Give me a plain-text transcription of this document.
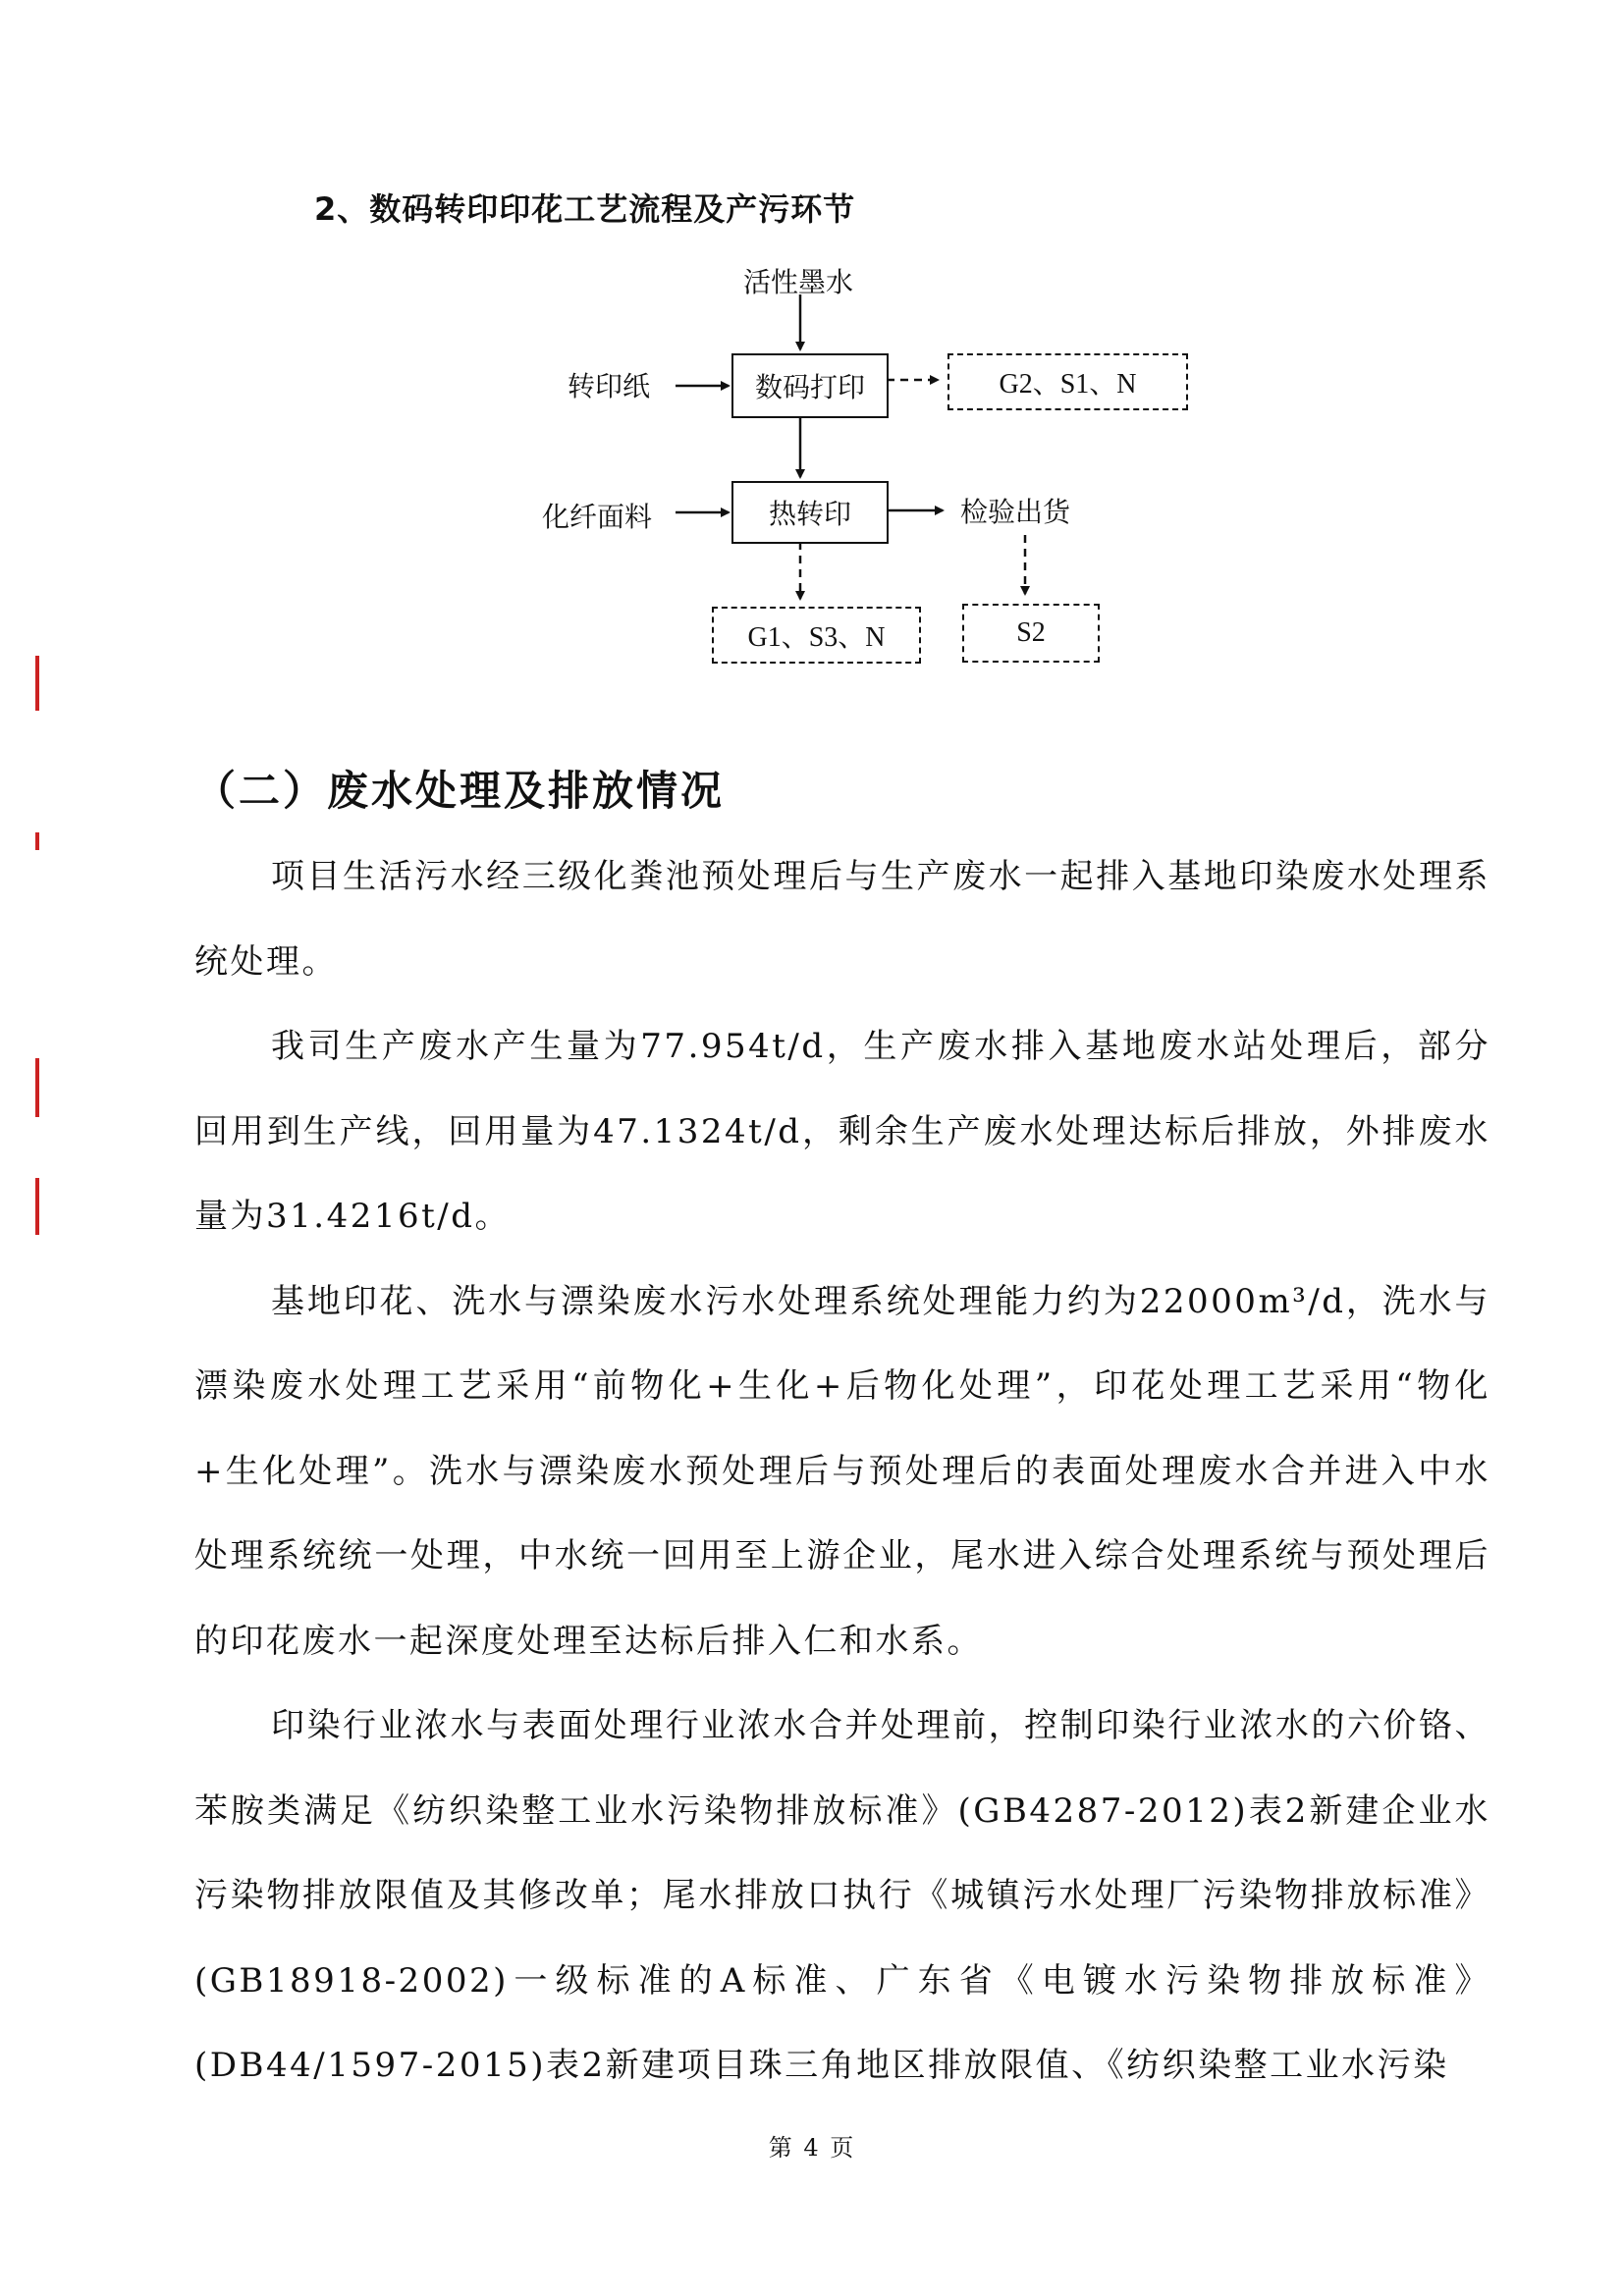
2、数码转印印花工艺流程及产污环节
活性墨水
转印纸	数码打印	G2、S1、N
化纤面料	热转印	检验出货
G1、S3、N	S2
（二）废水处理及排放情况

项目生活污水经三级化粪池预处理后与生产废水一起排入基地印染废水处理系统处理。

我司生产废水产生量为77.954t/d，生产废水排入基地废水站处理后，部分回用到生产线，回用量为47.1324t/d，剩余生产废水处理达标后排放，外排废水量为31.4216t/d。

基地印花、洗水与漂染废水污水处理系统处理能力约为22000m³/d，洗水与漂染废水处理工艺采用“前物化+生化+后物化处理”，印花处理工艺采用“物化+生化处理”。洗水与漂染废水预处理后与预处理后的表面处理废水合并进入中水处理系统统一处理，中水统一回用至上游企业，尾水进入综合处理系统与预处理后的印花废水一起深度处理至达标后排入仁和水系。

印染行业浓水与表面处理行业浓水合并处理前，控制印染行业浓水的六价铬、苯胺类满足《纺织染整工业水污染物排放标准》(GB4287-2012)表2新建企业水污染物排放限值及其修改单；尾水排放口执行《城镇污水处理厂污染物排放标准》(GB18918-2002)一级标准的A标准、广东省《电镀水污染物排放标准》(DB44/1597-2015)表2新建项目珠三角地区排放限值、《纺织染整工业水污染

第 4 页
